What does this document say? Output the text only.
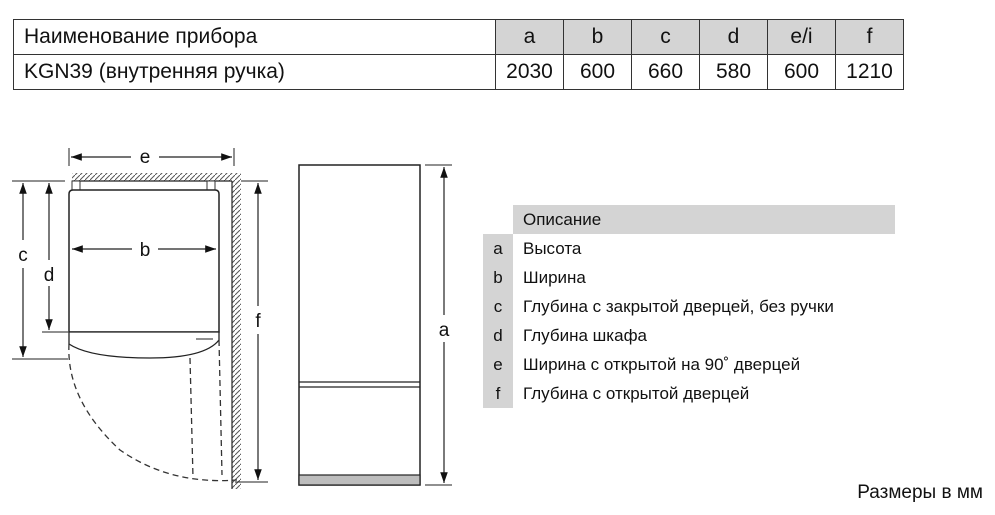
Наименование прибора	a	b	c	d	e/i	f
KGN39 (внутренняя ручка)	2030	600	660	580	600	1210
e
b
c
d
f	a
	Описание
a	Высота
b	Ширина
c	Глубина с закрытой дверцей, без ручки
d	Глубина шкафа
e	Ширина с открытой на 90˚ дверцей
f	Глубина с открытой дверцей
Размеры в мм
